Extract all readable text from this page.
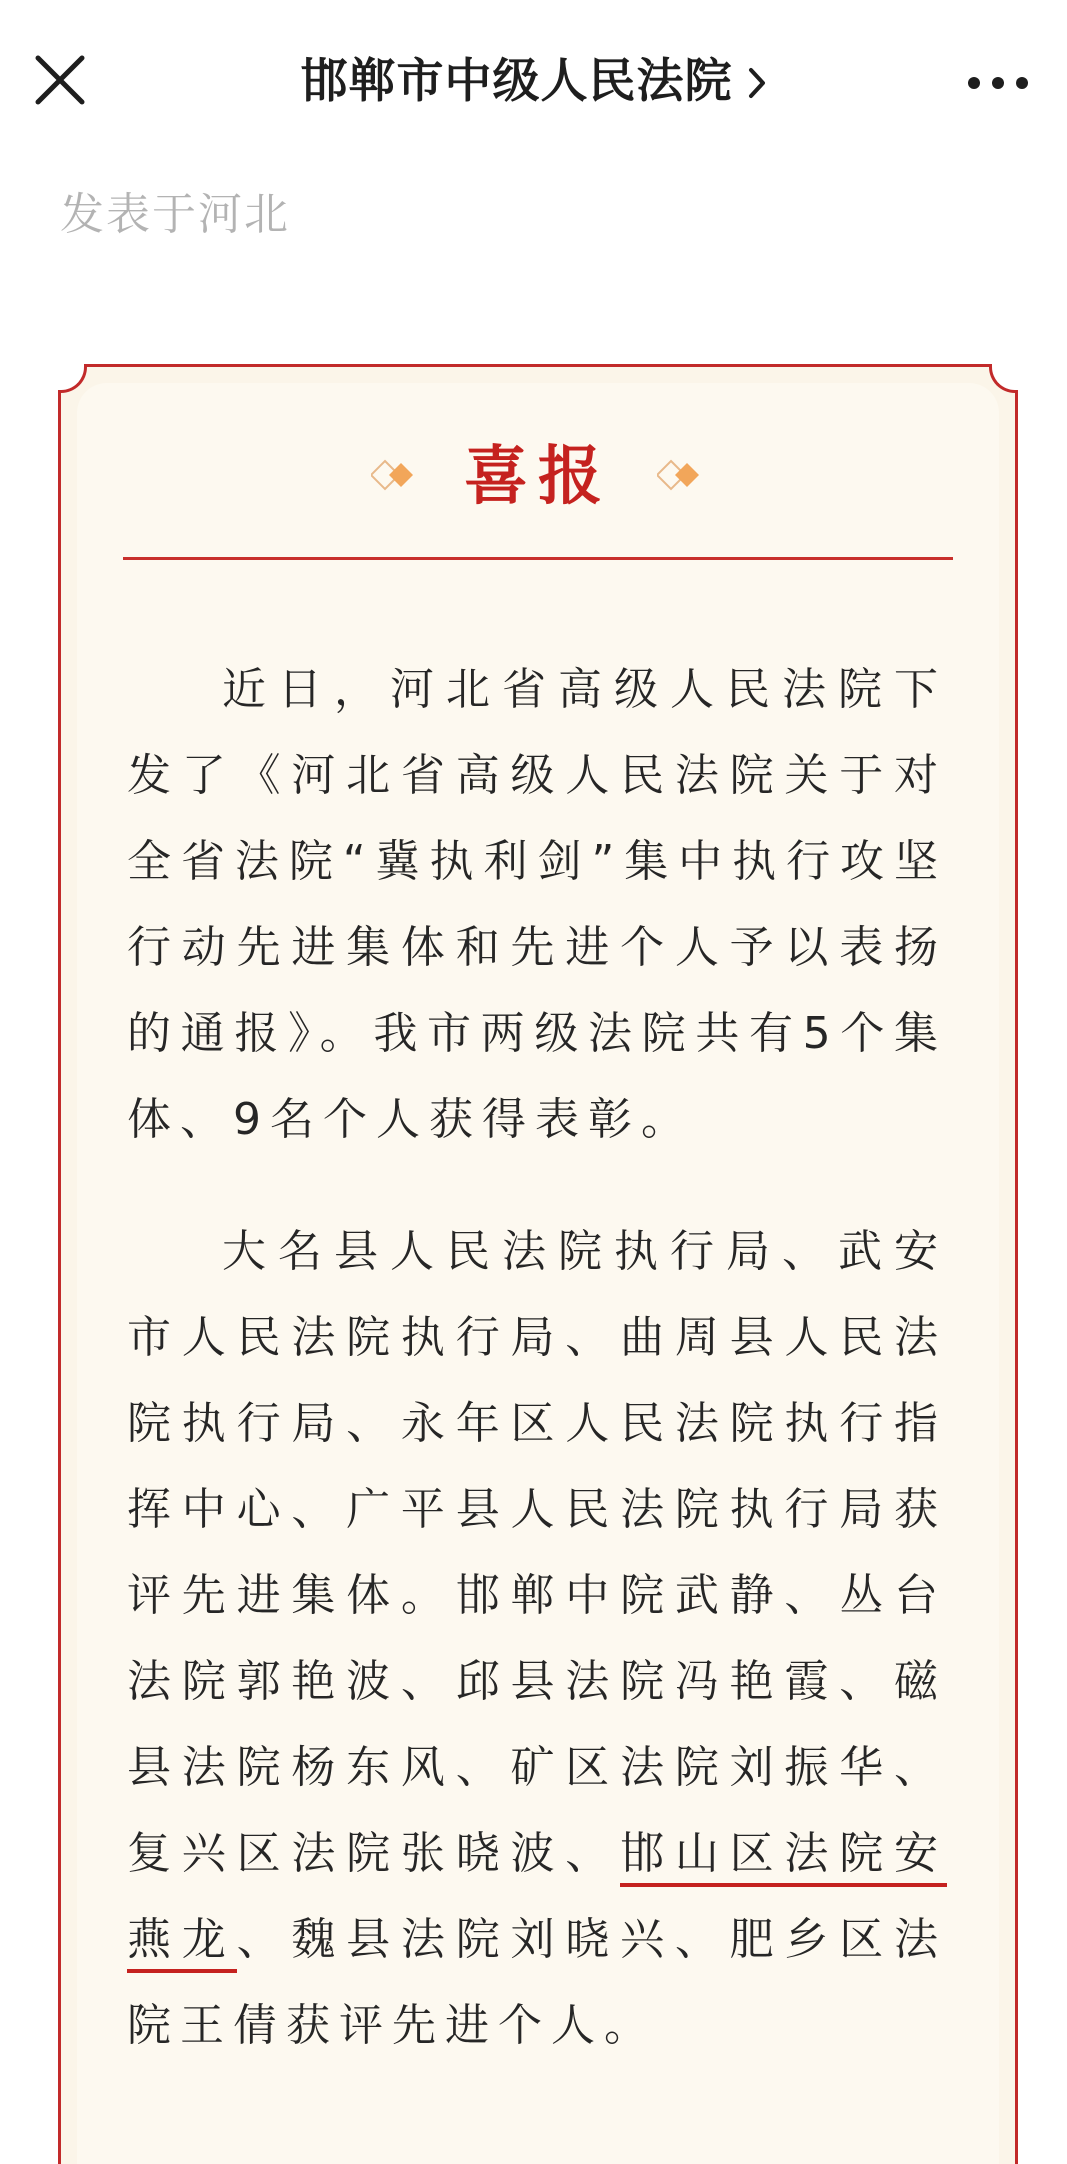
邯郸市中级人民法院
发表于河北
喜报
近日，河北省高级人民法院下发了《河北省高级人民法院关于对全省法院“冀执利剑”集中执行攻坚行动先进集体和先进个人予以表扬的通报》。我市两级法院共有5个集体、9名个人获得表彰。
大名县人民法院执行局、武安市人民法院执行局、曲周县人民法院执行局、永年区人民法院执行指挥中心、广平县人民法院执行局获评先进集体。邯郸中院武静、丛台法院郭艳波、邱县法院冯艳霞、磁县法院杨东风、矿区法院刘振华、复兴区法院张晓波、邯山区法院安燕龙、魏县法院刘晓兴、肥乡区法院王倩获评先进个人。
